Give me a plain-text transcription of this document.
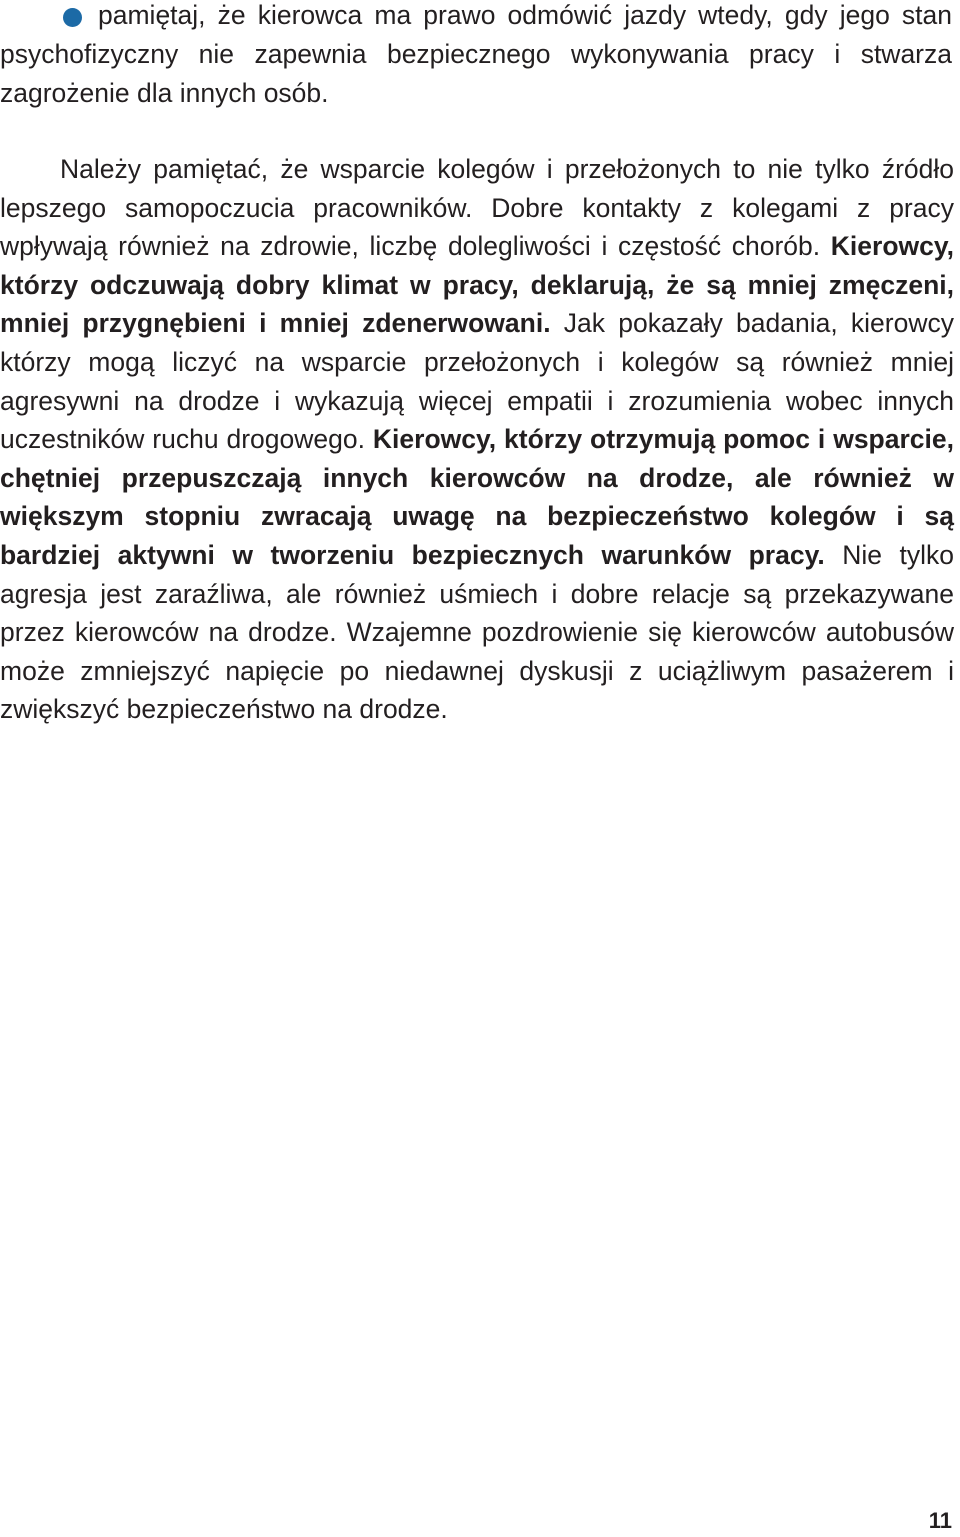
pamiętaj, że kierowca ma prawo odmówić jazdy wtedy, gdy jego stan psychofizyczny nie zapewnia bezpiecznego wykonywania pracy i stwarza zagrożenie dla innych osób.

Należy pamiętać, że wsparcie kolegów i przełożonych to nie tylko źródło lepszego samopoczucia pracowników. Dobre kontakty z kolegami z pracy wpływają również na zdrowie, liczbę dolegliwości i częstość chorób. Kierowcy, którzy odczuwają dobry klimat w pracy, deklarują, że są mniej zmęczeni, mniej przygnębieni i mniej zdenerwowani. Jak pokazały badania, kierowcy którzy mogą liczyć na wsparcie przełożonych i kolegów są również mniej agresywni na drodze i wykazują więcej empatii i zrozumienia wobec innych uczestników ruchu drogowego. Kierowcy, którzy otrzymują pomoc i wsparcie, chętniej przepuszczają innych kierowców na drodze, ale również w większym stopniu zwracają uwagę na bezpieczeństwo kolegów i są bardziej aktywni w tworzeniu bezpiecznych warunków pracy. Nie tylko agresja jest zaraźliwa, ale również uśmiech i dobre relacje są przekazywane przez kierowców na drodze. Wzajemne pozdrowienie się kierowców autobusów może zmniejszyć napięcie po niedawnej dyskusji z uciążliwym pasażerem i zwiększyć bezpieczeństwo na drodze.

11
